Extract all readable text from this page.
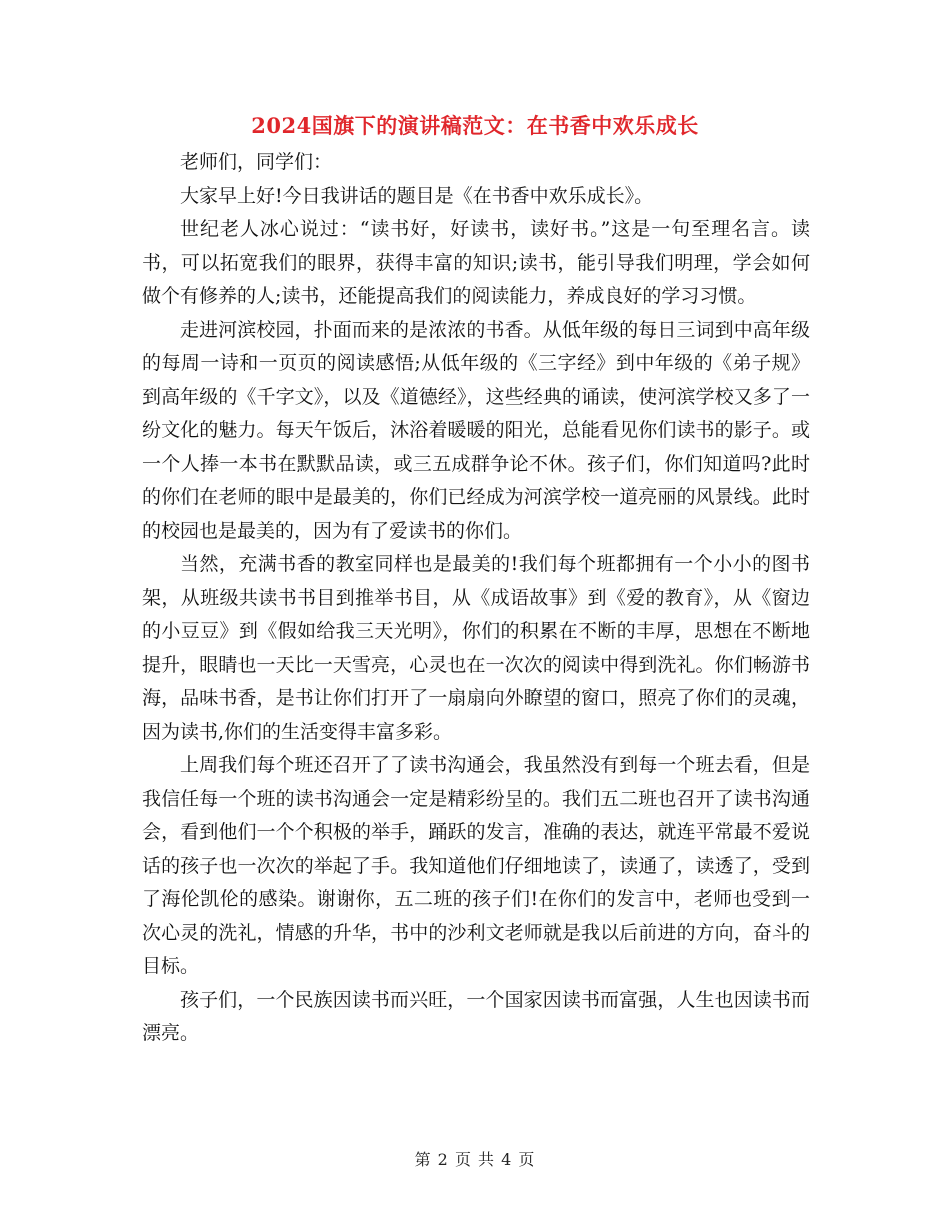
2024国旗下的演讲稿范文：在书香中欢乐成长

老师们，同学们：

大家早上好!今日我讲话的题目是《在书香中欢乐成长》。

世纪老人冰心说过：“读书好，好读书，读好书。”这是一句至理名言。读书，可以拓宽我们的眼界，获得丰富的知识;读书，能引导我们明理，学会如何做个有修养的人;读书，还能提高我们的阅读能力，养成良好的学习习惯。

走进河滨校园，扑面而来的是浓浓的书香。从低年级的每日三词到中高年级的每周一诗和一页页的阅读感悟;从低年级的《三字经》到中年级的《弟子规》到高年级的《千字文》，以及《道德经》，这些经典的诵读，使河滨学校又多了一纷文化的魅力。每天午饭后，沐浴着暖暖的阳光，总能看见你们读书的影子。或一个人捧一本书在默默品读，或三五成群争论不休。孩子们，你们知道吗?此时的你们在老师的眼中是最美的，你们已经成为河滨学校一道亮丽的风景线。此时的校园也是最美的，因为有了爱读书的你们。

当然，充满书香的教室同样也是最美的!我们每个班都拥有一个小小的图书架，从班级共读书书目到推举书目，从《成语故事》到《爱的教育》，从《窗边的小豆豆》到《假如给我三天光明》，你们的积累在不断的丰厚，思想在不断地提升，眼睛也一天比一天雪亮，心灵也在一次次的阅读中得到洗礼。你们畅游书海，品味书香，是书让你们打开了一扇扇向外瞭望的窗口，照亮了你们的灵魂，因为读书,你们的生活变得丰富多彩。

上周我们每个班还召开了了读书沟通会，我虽然没有到每一个班去看，但是我信任每一个班的读书沟通会一定是精彩纷呈的。我们五二班也召开了读书沟通会，看到他们一个个积极的举手，踊跃的发言，准确的表达，就连平常最不爱说话的孩子也一次次的举起了手。我知道他们仔细地读了，读通了，读透了，受到了海伦凯伦的感染。谢谢你，五二班的孩子们!在你们的发言中，老师也受到一次心灵的洗礼，情感的升华，书中的沙利文老师就是我以后前进的方向，奋斗的目标。

孩子们，一个民族因读书而兴旺，一个国家因读书而富强，人生也因读书而漂亮。

第 2 页 共 4 页
